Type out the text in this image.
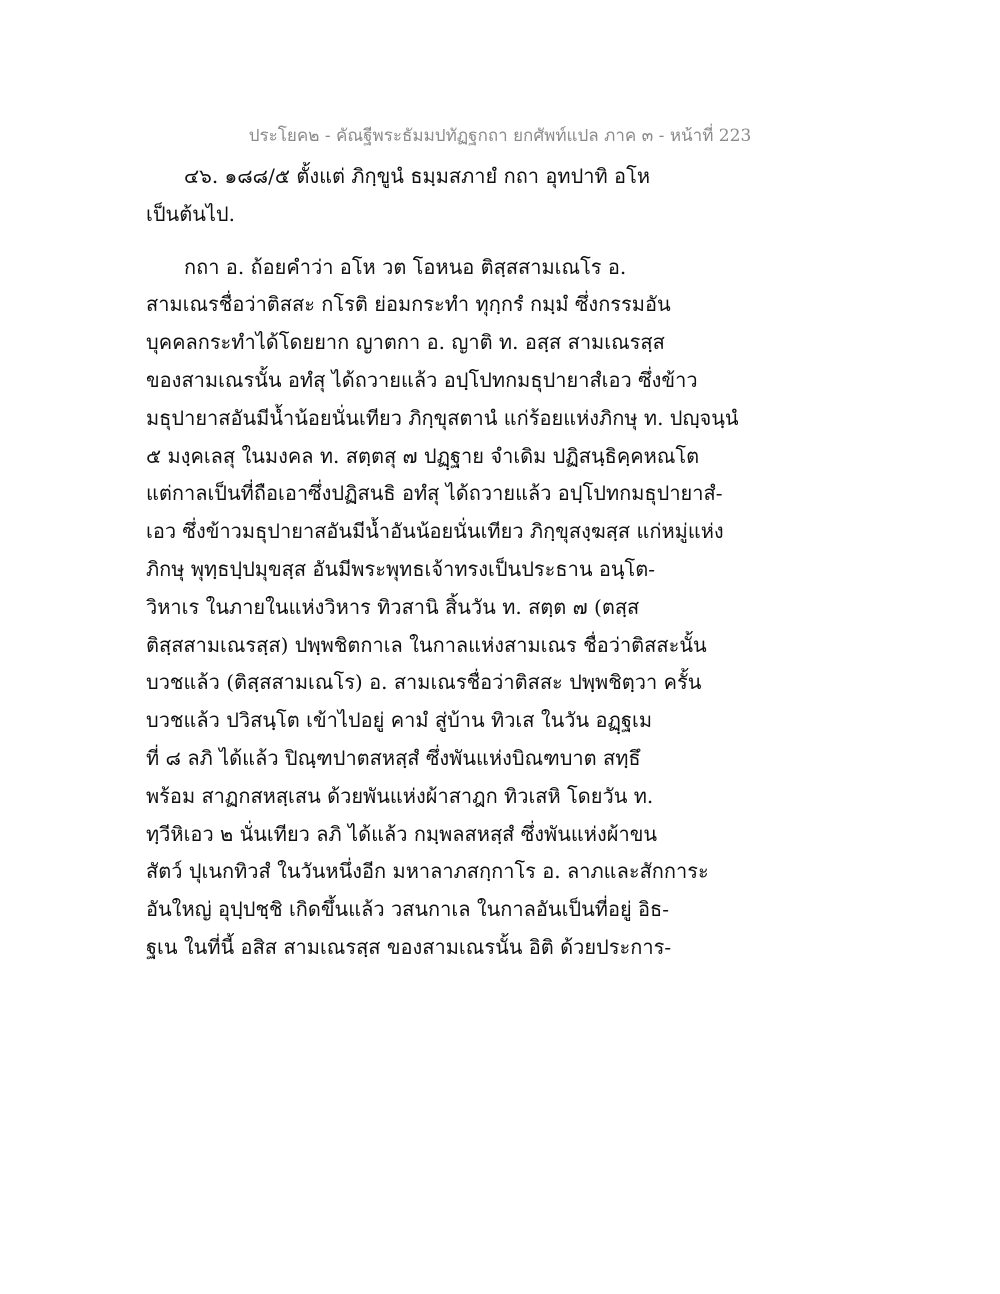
ประโยค๒ - คัณฐีพระธัมมปทัฏฐกถา ยกศัพท์แปล ภาค ๓ - หน้าที่ 223
๔๖. ๑๘๘/๕ ตั้งแต่ ภิกฺขูนํ ธมฺมสภายํ กถา อุทปาทิ อโห
เป็นต้นไป.
กถา อ. ถ้อยคำว่า อโห วต โอหนอ ติสฺสสามเณโร อ.
สามเณรชื่อว่าติสสะ กโรติ ย่อมกระทำ ทุกฺกรํ กมฺมํ ซึ่งกรรมอัน
บุคคลกระทำได้โดยยาก ญาตกา อ. ญาติ ท. อสฺส สามเณรสฺส
ของสามเณรนั้น อทํสุ ได้ถวายแล้ว อปฺโปทกมธุปายาสํเอว ซึ่งข้าว
มธุปายาสอันมีน้ำน้อยนั่นเทียว ภิกฺขุสตานํ แก่ร้อยแห่งภิกษุ ท. ปญฺจนฺนํ
๕ มงฺคเลสุ ในมงคล ท. สตฺตสุ ๗ ปฏฺฐาย จำเดิม ปฏิสนฺธิคฺคหณโต
แต่กาลเป็นที่ถือเอาซึ่งปฏิสนธิ อทํสุ ได้ถวายแล้ว อปฺโปทกมธุปายาสํ-
เอว ซึ่งข้าวมธุปายาสอันมีน้ำอันน้อยนั่นเทียว ภิกฺขุสงฺฆสฺส แก่หมู่แห่ง
ภิกษุ พุทฺธปฺปมุขสฺส อันมีพระพุทธเจ้าทรงเป็นประธาน อนฺโต-
วิหาเร ในภายในแห่งวิหาร ทิวสานิ สิ้นวัน ท. สตฺต ๗ (ตสฺส
ติสฺสสามเณรสฺส) ปพฺพชิตกาเล ในกาลแห่งสามเณร ชื่อว่าติสสะนั้น
บวชแล้ว (ติสฺสสามเณโร) อ. สามเณรชื่อว่าติสสะ ปพฺพชิตฺวา ครั้น
บวชแล้ว ปวิสนฺโต เข้าไปอยู่ คามํ สู่บ้าน ทิวเส ในวัน อฏฺฐเม
ที่ ๘ ลภิ ได้แล้ว ปิณฺฑปาตสหสฺสํ ซึ่งพันแห่งบิณฑบาต สทฺธึ
พร้อม สาฏกสหสฺเสน ด้วยพันแห่งผ้าสาฎก ทิวเสหิ โดยวัน ท.
ทฺวีหิเอว ๒ นั่นเทียว ลภิ ได้แล้ว กมฺพลสหสฺสํ ซึ่งพันแห่งผ้าขน
สัตว์ ปุเนกทิวสํ ในวันหนึ่งอีก มหาลาภสกฺกาโร อ. ลาภและสักการะ
อันใหญ่ อุปฺปชฺชิ เกิดขึ้นแล้ว วสนกาเล ในกาลอันเป็นที่อยู่ อิธ-
ฐเน ในที่นี้ อสิส สามเณรสฺส ของสามเณรนั้น อิติ ด้วยประการ-
